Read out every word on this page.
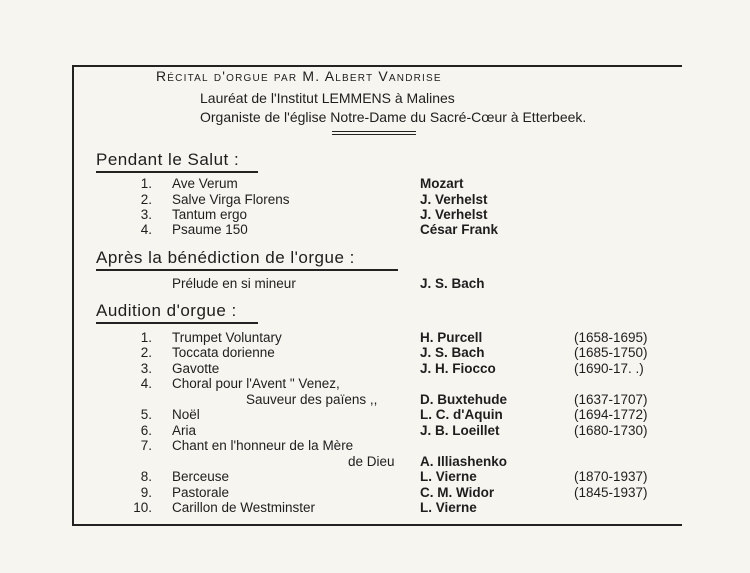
Récital d'orgue par M. Albert Vandrise
Lauréat de l'Institut LEMMENS à Malines
Organiste de l'église Notre-Dame du Sacré-Cœur à Etterbeek.
Pendant le Salut :
1. Ave Verum	Mozart
2. Salve Virga Florens	J. Verhelst
3. Tantum ergo	J. Verhelst
4. Psaume 150	César Frank
Après la bénédiction de l'orgue :
Prélude en si mineur	J. S. Bach
Audition d'orgue :
1. Trumpet Voluntary	H. Purcell	(1658-1695)
2. Toccata dorienne	J. S. Bach	(1685-1750)
3. Gavotte	J. H. Fiocco	(1690-17. .)
4. Choral pour l'Avent " Venez,
Sauveur des païens ,,	D. Buxtehude	(1637-1707)
5. Noël	L. C. d'Aquin	(1694-1772)
6. Aria	J. B. Loeillet	(1680-1730)
7. Chant en l'honneur de la Mère
de Dieu A. Illiashenko
8. Berceuse	L. Vierne	(1870-1937)
9. Pastorale	C. M. Widor	(1845-1937)
10. Carillon de Westminster	L. Vierne
